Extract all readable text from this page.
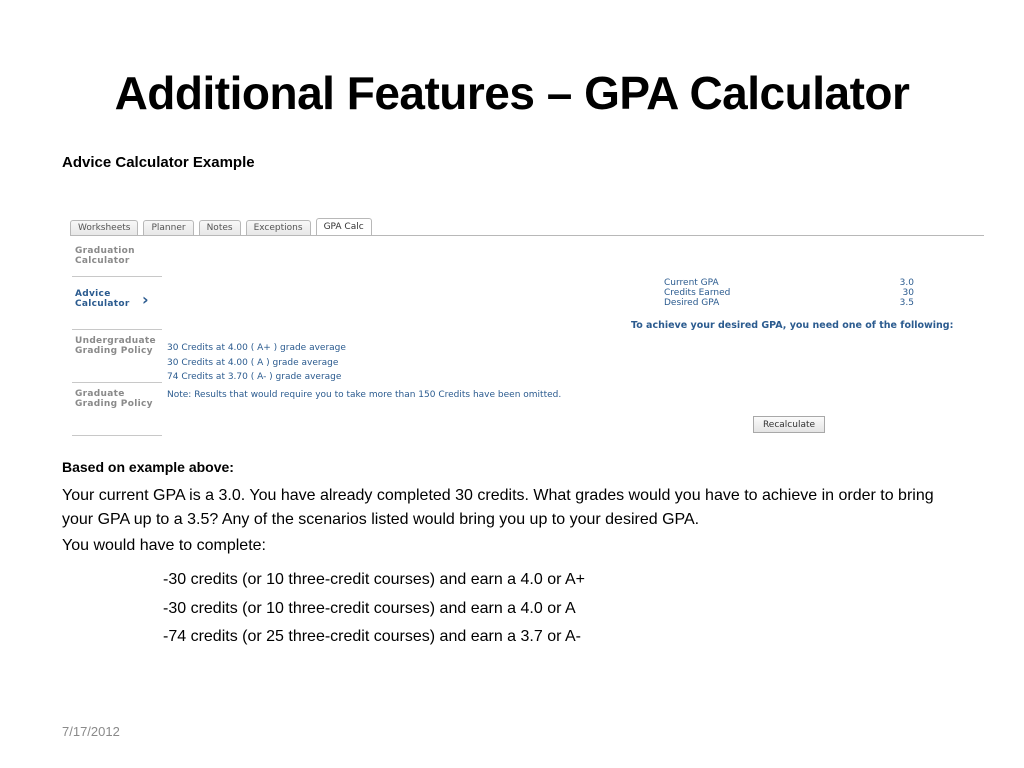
Additional Features – GPA Calculator
Advice Calculator Example
Worksheets	Planner	Notes	Exceptions	GPA Calc
Graduation Calculator
Advice Calculator ›
Undergraduate Grading Policy
Graduate Grading Policy
Current GPA	3.0
Credits Earned	30
Desired GPA	3.5
To achieve your desired GPA, you need one of the following:
30 Credits at 4.00 ( A+ ) grade average
30 Credits at 4.00 ( A ) grade average
74 Credits at 3.70 ( A- ) grade average
Note: Results that would require you to take more than 150 Credits have been omitted.
Recalculate
Based on example above:
Your current GPA is a 3.0. You have already completed 30 credits. What grades would you have to achieve in order to bring your GPA up to a 3.5? Any of the scenarios listed would bring you up to your desired GPA.
You would have to complete:
-30 credits (or 10 three-credit courses) and earn a 4.0 or A+
-30 credits (or 10 three-credit courses) and earn a 4.0 or A
-74 credits (or 25 three-credit courses) and earn a 3.7 or A-
7/17/2012
